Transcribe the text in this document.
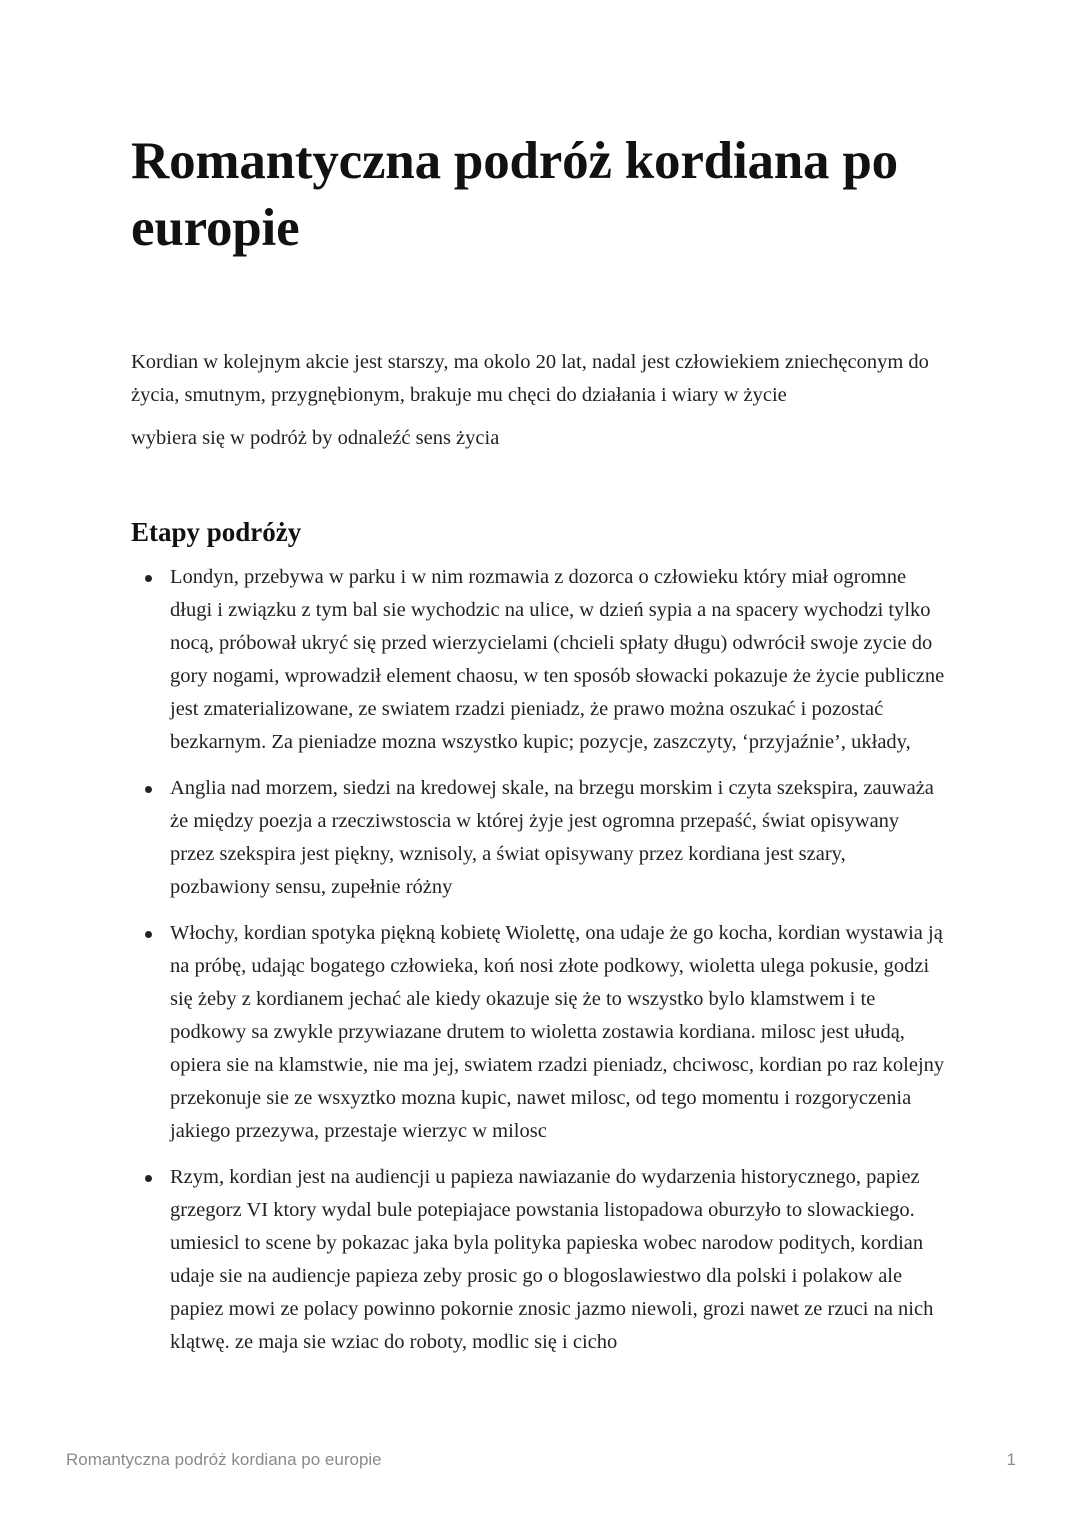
Romantyczna podróż kordiana po europie

Kordian w kolejnym akcie jest starszy, ma okolo 20 lat, nadal jest człowiekiem zniechęconym do życia, smutnym, przygnębionym, brakuje mu chęci do działania i wiary w życie

wybiera się w podróż by odnaleźć sens życia

Etapy podróży
Londyn, przebywa w parku i w nim rozmawia z dozorca o człowieku który miał ogromne długi i związku z tym bal sie wychodzic na ulice, w dzień sypia a na spacery wychodzi tylko nocą, próbował ukryć się przed wierzycielami (chcieli spłaty długu) odwrócił swoje zycie do gory nogami, wprowadził element chaosu, w ten sposób słowacki pokazuje że życie publiczne jest zmaterializowane, ze swiatem rzadzi pieniadz, że prawo można oszukać i pozostać bezkarnym. Za pieniadze mozna wszystko kupic; pozycje, zaszczyty, ‘przyjaźnie’, układy,
Anglia nad morzem, siedzi na kredowej skale, na brzegu morskim i czyta szekspira, zauważa że między poezja a rzecziwstoscia w której żyje jest ogromna przepaść, świat opisywany przez szekspira jest piękny, wznisoly, a świat opisywany przez kordiana jest szary, pozbawiony sensu, zupełnie różny
Włochy, kordian spotyka piękną kobietę Wiolettę, ona udaje że go kocha, kordian wystawia ją na próbę, udając bogatego człowieka, koń nosi złote podkowy, wioletta ulega pokusie, godzi się żeby z kordianem jechać ale kiedy okazuje się że to wszystko bylo klamstwem i te podkowy sa zwykle przywiazane drutem to wioletta zostawia kordiana. milosc jest ułudą, opiera sie na klamstwie, nie ma jej, swiatem rzadzi pieniadz, chciwosc, kordian po raz kolejny przekonuje sie ze wsxyztko mozna kupic, nawet milosc, od tego momentu i rozgoryczenia jakiego przezywa, przestaje wierzyc w milosc
Rzym, kordian jest na audiencji u papieza nawiazanie do wydarzenia historycznego, papiez grzegorz VI ktory wydal bule potepiajace powstania listopadowa oburzyło to slowackiego. umiesicl to scene by pokazac jaka byla polityka papieska wobec narodow podityсh, kordian udaje sie na audiencje papieza zeby prosic go o blogoslawiestwo dla polski i polakow ale papiez mowi ze polacy powinno pokornie znosic jazmo niewoli, grozi nawet ze rzuci na nich klątwę. ze maja sie wziac do roboty, modlic się i cicho
Romantyczna podróż kordiana po europie	1
